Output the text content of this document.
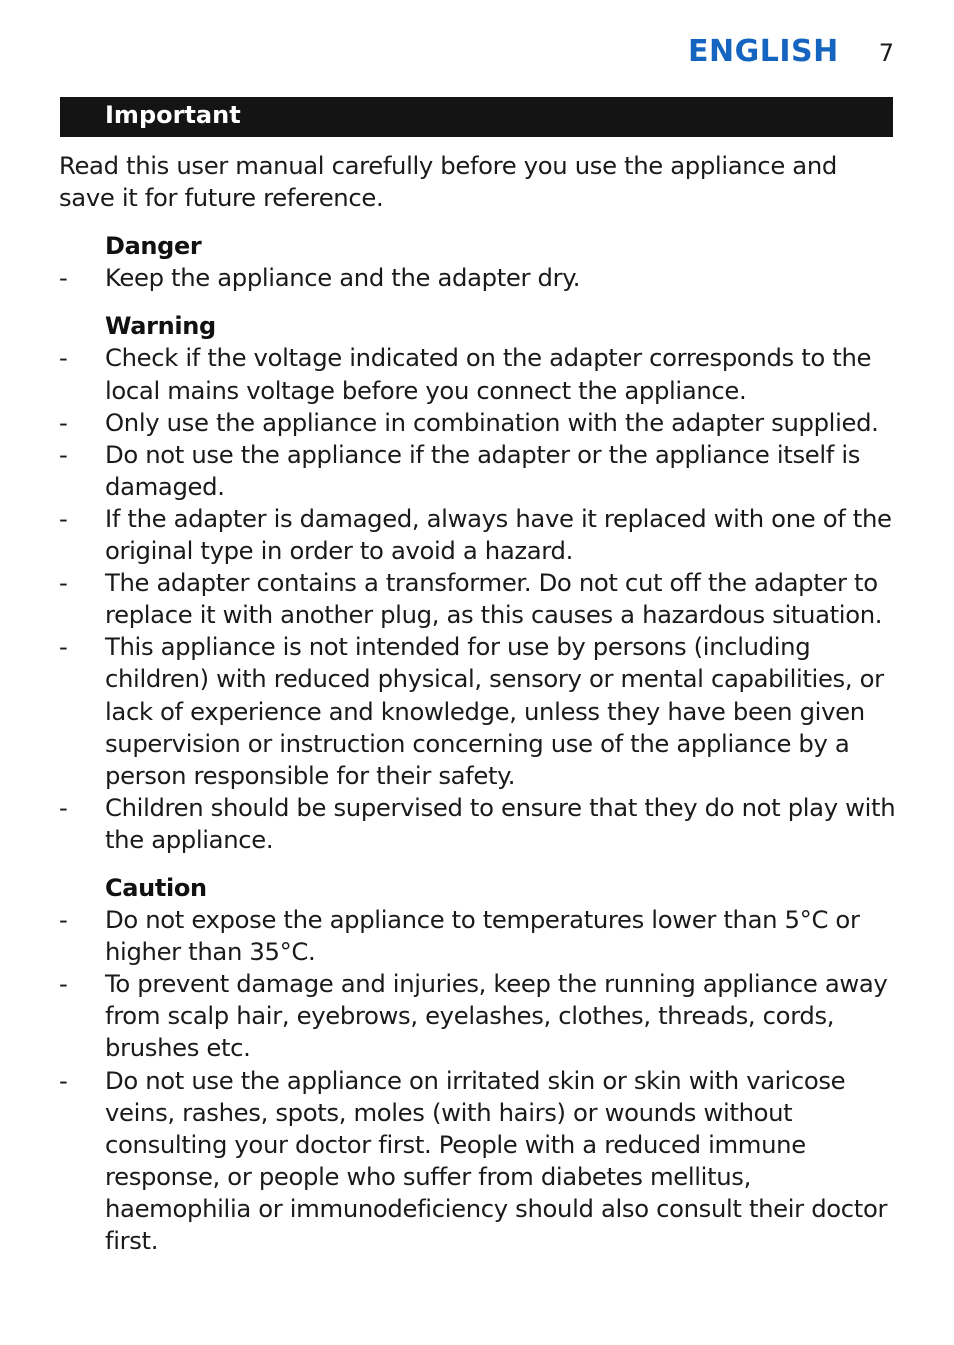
ENGLISH 7
Important

Read this user manual carefully before you use the appliance and save it for future reference.

Danger

- Keep the appliance and the adapter dry.

Warning

- Check if the voltage indicated on the adapter corresponds to the local mains voltage before you connect the appliance.
- Only use the appliance in combination with the adapter supplied.
- Do not use the appliance if the adapter or the appliance itself is damaged.
- If the adapter is damaged, always have it replaced with one of the original type in order to avoid a hazard.
- The adapter contains a transformer. Do not cut off the adapter to replace it with another plug, as this causes a hazardous situation.
- This appliance is not intended for use by persons (including children) with reduced physical, sensory or mental capabilities, or lack of experience and knowledge, unless they have been given supervision or instruction concerning use of the appliance by a person responsible for their safety.
- Children should be supervised to ensure that they do not play with the appliance.

Caution

- Do not expose the appliance to temperatures lower than 5°C or higher than 35°C.
- To prevent damage and injuries, keep the running appliance away from scalp hair, eyebrows, eyelashes, clothes, threads, cords, brushes etc.
- Do not use the appliance on irritated skin or skin with varicose veins, rashes, spots, moles (with hairs) or wounds without consulting your doctor first. People with a reduced immune response, or people who suffer from diabetes mellitus, haemophilia or immunodeficiency should also consult their doctor first.
